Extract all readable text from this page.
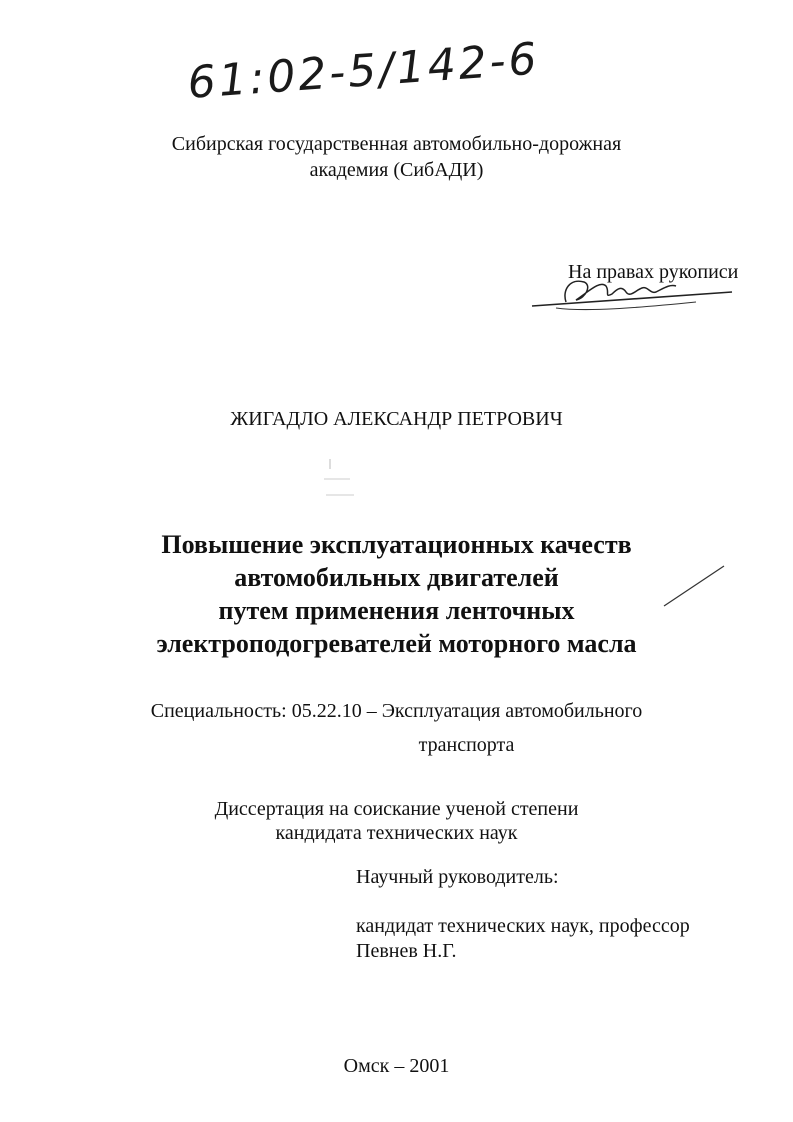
61:02-5/142-6

Сибирская государственная автомобильно-дорожная

академия (СибАДИ)

На правах рукописи

ЖИГАДЛО АЛЕКСАНДР ПЕТРОВИЧ

Повышение эксплуатационных качеств

автомобильных двигателей

путем применения ленточных

электроподогревателей моторного масла

Специальность: 05.22.10 – Эксплуатация автомобильного

транспорта

Диссертация на соискание ученой степени

кандидата технических наук

Научный руководитель:

кандидат технических наук, профессор

Певнев Н.Г.

Омск – 2001
